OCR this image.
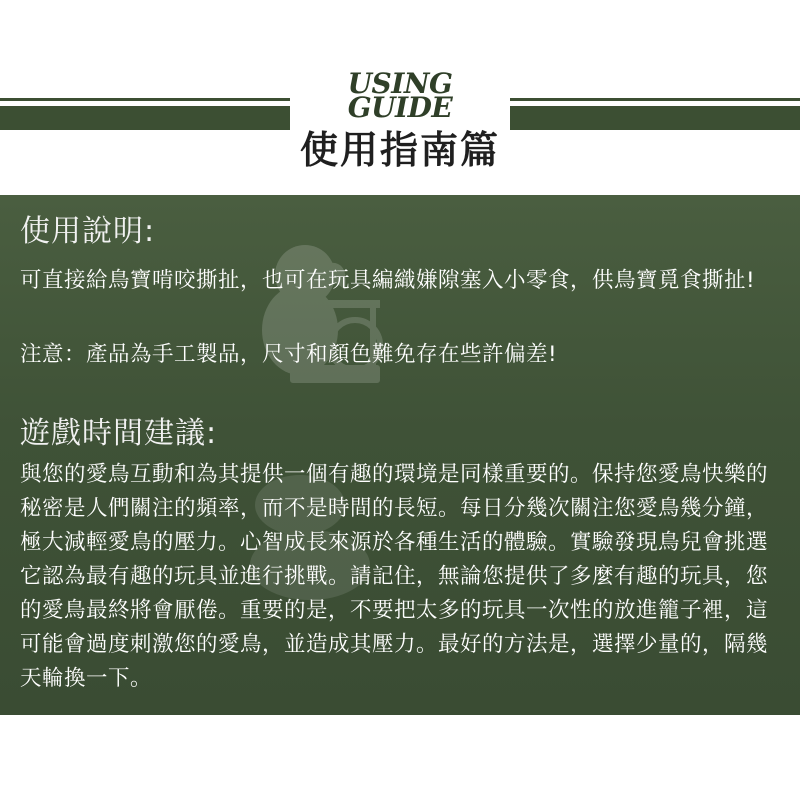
USING
GUIDE
使用指南篇
使用說明:

可直接給鳥寶啃咬撕扯，也可在玩具編織嫌隙塞入小零食，供鳥寶覓食撕扯!

注意：產品為手工製品，尺寸和顏色難免存在些許偏差!

遊戲時間建議:

與您的愛鳥互動和為其提供一個有趣的環境是同樣重要的。保持您愛鳥快樂的秘密是人們關注的頻率，而不是時間的長短。每日分幾次關注您愛鳥幾分鐘，極大減輕愛鳥的壓力。心智成長來源於各種生活的體驗。實驗發現鳥兒會挑選它認為最有趣的玩具並進行挑戰。請記住，無論您提供了多麼有趣的玩具，您的愛鳥最終將會厭倦。重要的是，不要把太多的玩具一次性的放進籠子裡，這可能會過度刺激您的愛鳥，並造成其壓力。最好的方法是，選擇少量的，隔幾天輪換一下。
